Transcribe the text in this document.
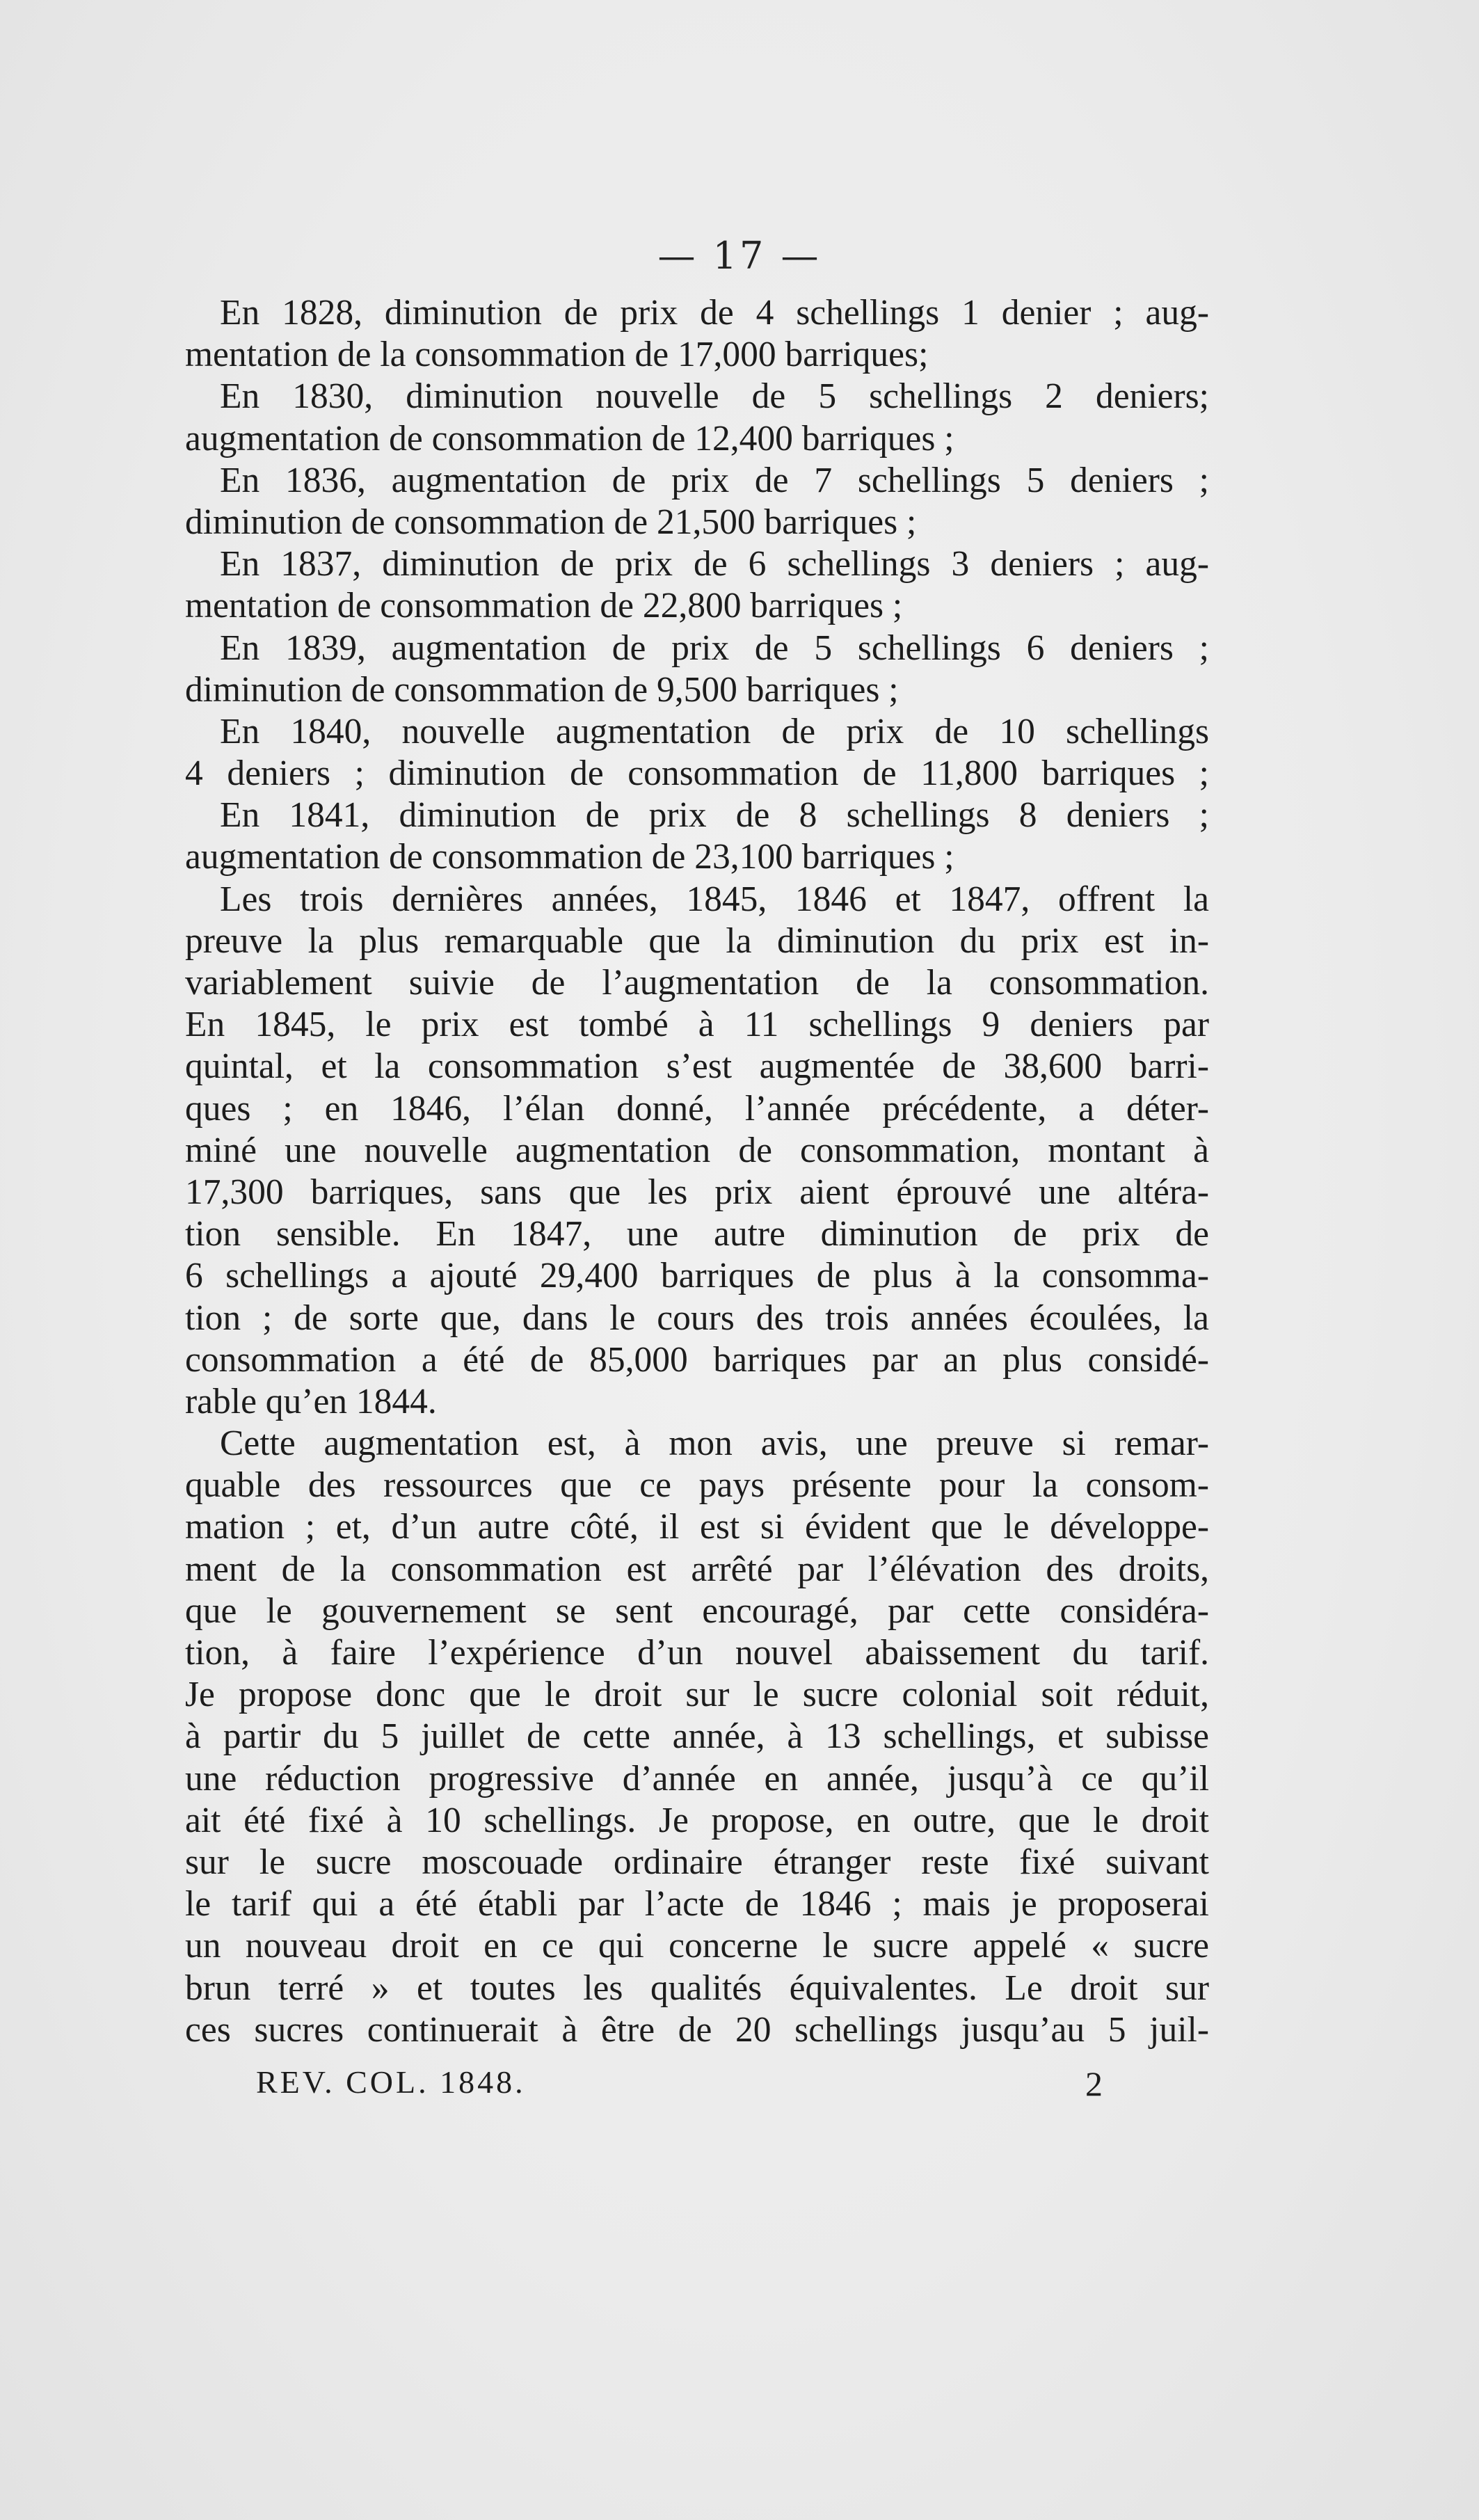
— 17 —
En 1828, diminution de prix de 4 schellings 1 denier ; aug-
mentation de la consommation de 17,000 barriques;
En 1830, diminution nouvelle de 5 schellings 2 deniers;
augmentation de consommation de 12,400 barriques ;
En 1836, augmentation de prix de 7 schellings 5 deniers ;
diminution de consommation de 21,500 barriques ;
En 1837, diminution de prix de 6 schellings 3 deniers ; aug-
mentation de consommation de 22,800 barriques ;
En 1839, augmentation de prix de 5 schellings 6 deniers ;
diminution de consommation de 9,500 barriques ;
En 1840, nouvelle augmentation de prix de 10 schellings
4 deniers ; diminution de consommation de 11,800 barriques ;
En 1841, diminution de prix de 8 schellings 8 deniers ;
augmentation de consommation de 23,100 barriques ;
Les trois dernières années, 1845, 1846 et 1847, offrent la
preuve la plus remarquable que la diminution du prix est in-
variablement suivie de l’augmentation de la consommation.
En 1845, le prix est tombé à 11 schellings 9 deniers par
quintal, et la consommation s’est augmentée de 38,600 barri-
ques ; en 1846, l’élan donné, l’année précédente, a déter-
miné une nouvelle augmentation de consommation, montant à
17,300 barriques, sans que les prix aient éprouvé une altéra-
tion sensible. En 1847, une autre diminution de prix de
6 schellings a ajouté 29,400 barriques de plus à la consomma-
tion ; de sorte que, dans le cours des trois années écoulées, la
consommation a été de 85,000 barriques par an plus considé-
rable qu’en 1844.
Cette augmentation est, à mon avis, une preuve si remar-
quable des ressources que ce pays présente pour la consom-
mation ; et, d’un autre côté, il est si évident que le développe-
ment de la consommation est arrêté par l’élévation des droits,
que le gouvernement se sent encouragé, par cette considéra-
tion, à faire l’expérience d’un nouvel abaissement du tarif.
Je propose donc que le droit sur le sucre colonial soit réduit,
à partir du 5 juillet de cette année, à 13 schellings, et subisse
une réduction progressive d’année en année, jusqu’à ce qu’il
ait été fixé à 10 schellings. Je propose, en outre, que le droit
sur le sucre moscouade ordinaire étranger reste fixé suivant
le tarif qui a été établi par l’acte de 1846 ; mais je proposerai
un nouveau droit en ce qui concerne le sucre appelé « sucre
brun terré » et toutes les qualités équivalentes. Le droit sur
ces sucres continuerait à être de 20 schellings jusqu’au 5 juil-
REV. COL. 1848.	2
